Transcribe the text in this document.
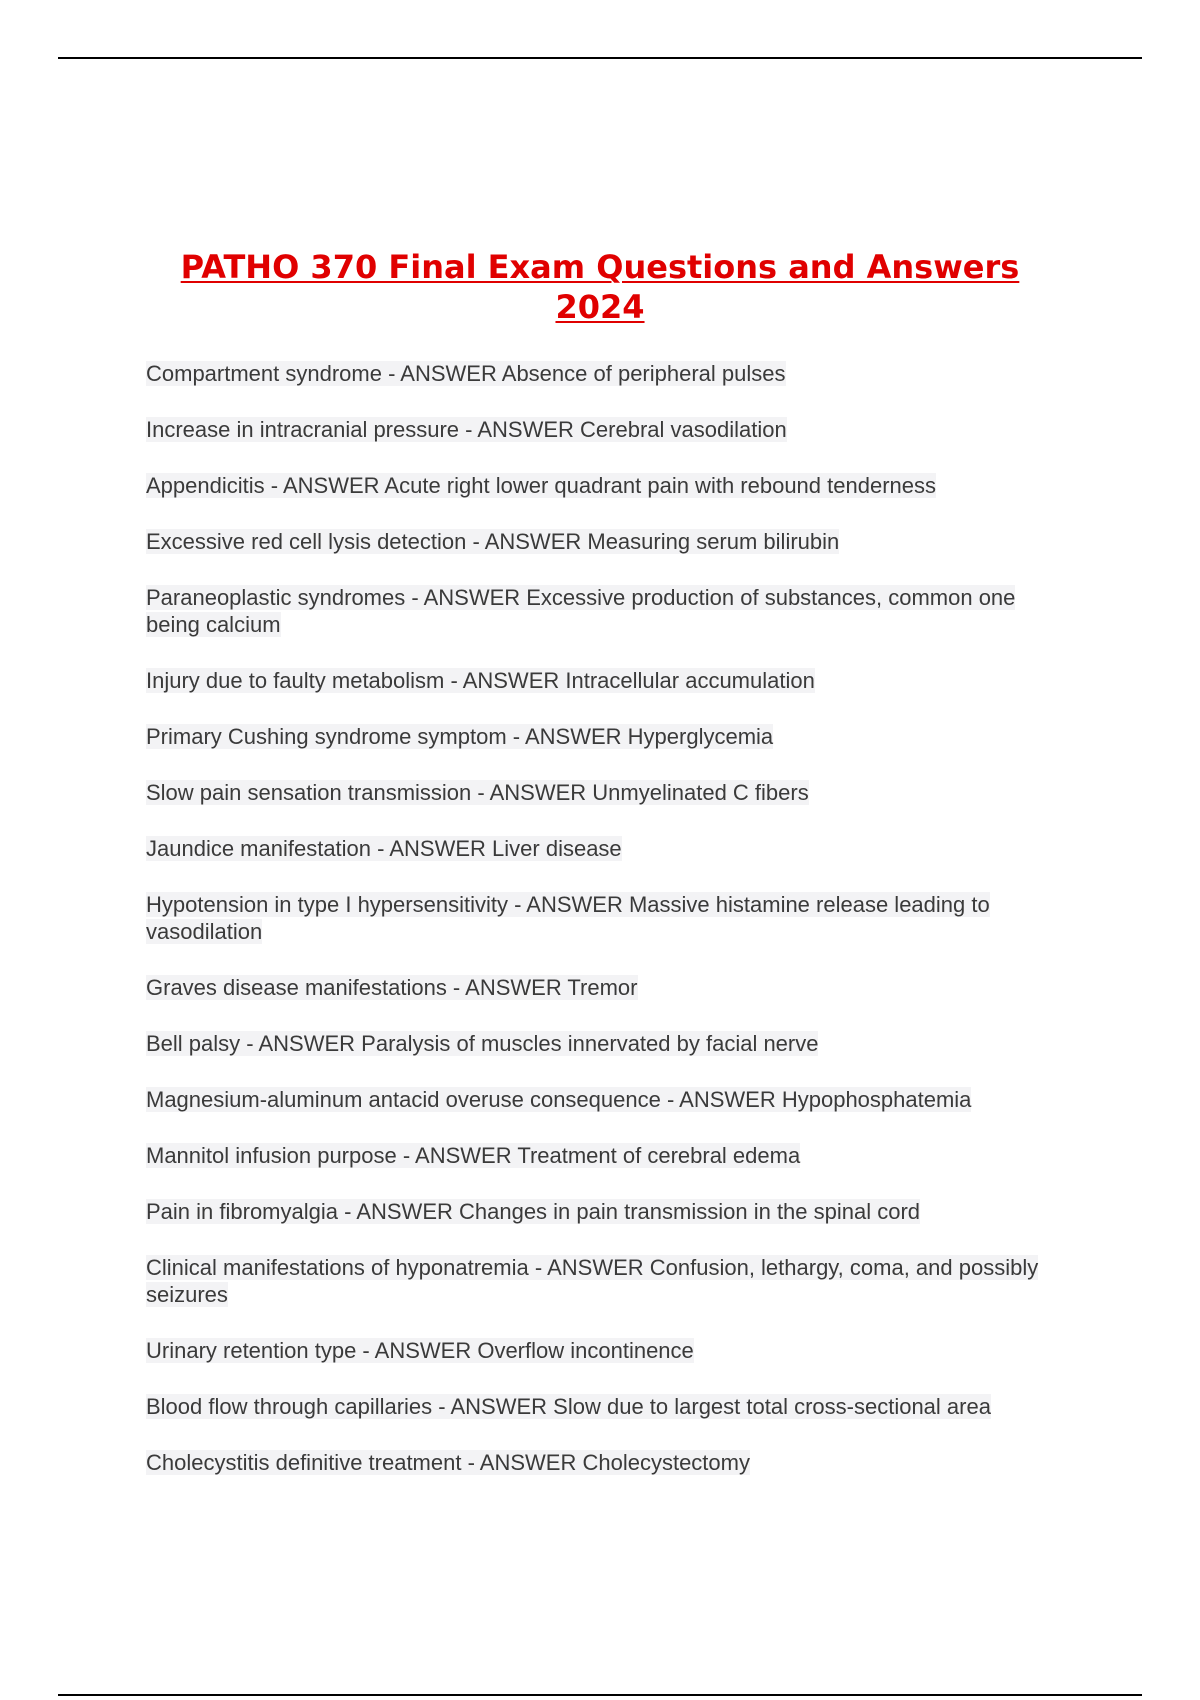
PATHO 370 Final Exam Questions and Answers
2024
Compartment syndrome - ANSWER Absence of peripheral pulses
Increase in intracranial pressure - ANSWER Cerebral vasodilation
Appendicitis - ANSWER Acute right lower quadrant pain with rebound tenderness
Excessive red cell lysis detection - ANSWER Measuring serum bilirubin
Paraneoplastic syndromes - ANSWER Excessive production of substances, common one being calcium
Injury due to faulty metabolism - ANSWER Intracellular accumulation
Primary Cushing syndrome symptom - ANSWER Hyperglycemia
Slow pain sensation transmission - ANSWER Unmyelinated C fibers
Jaundice manifestation - ANSWER Liver disease
Hypotension in type I hypersensitivity - ANSWER Massive histamine release leading to vasodilation
Graves disease manifestations - ANSWER Tremor
Bell palsy - ANSWER Paralysis of muscles innervated by facial nerve
Magnesium-aluminum antacid overuse consequence - ANSWER Hypophosphatemia
Mannitol infusion purpose - ANSWER Treatment of cerebral edema
Pain in fibromyalgia - ANSWER Changes in pain transmission in the spinal cord
Clinical manifestations of hyponatremia - ANSWER Confusion, lethargy, coma, and possibly seizures
Urinary retention type - ANSWER Overflow incontinence
Blood flow through capillaries - ANSWER Slow due to largest total cross-sectional area
Cholecystitis definitive treatment - ANSWER Cholecystectomy
